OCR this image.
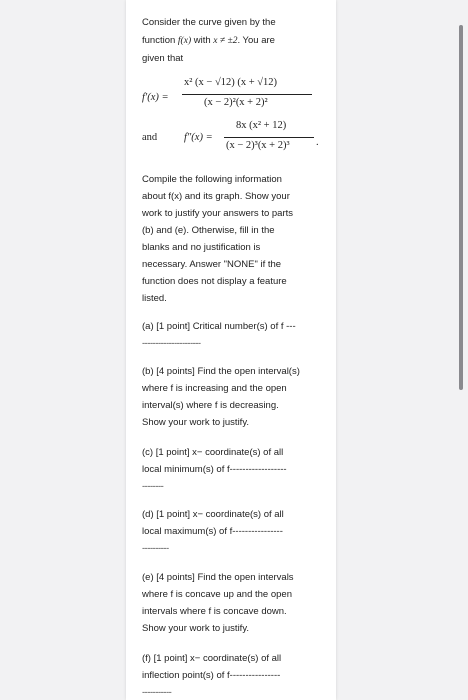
Consider the curve given by the
function f(x) with x ≠ ±2. You are
given that
f′(x) =
x² (x − √12) (x + √12)
(x − 2)²(x + 2)²
and	f″(x) =
8x (x² + 12)
(x − 2)³(x + 2)³	.
Compile the following information
about f(x) and its graph. Show your
work to justify your answers to parts
(b) and (e). Otherwise, fill in the
blanks and no justification is
necessary. Answer "NONE" if the
function does not display a feature
listed.
(a) [1 point] Critical number(s) of f ---
----------------------
(b) [4 points] Find the open interval(s)
where f is increasing and the open
interval(s) where f is decreasing.
Show your work to justify.
(c) [1 point] x− coordinate(s) of all
local minimum(s) of f------------------
--------
(d) [1 point] x− coordinate(s) of all
local maximum(s) of f----------------
----------
(e) [4 points] Find the open intervals
where f is concave up and the open
intervals where f is concave down.
Show your work to justify.
(f) [1 point] x− coordinate(s) of all
inflection point(s) of f----------------
-----------
